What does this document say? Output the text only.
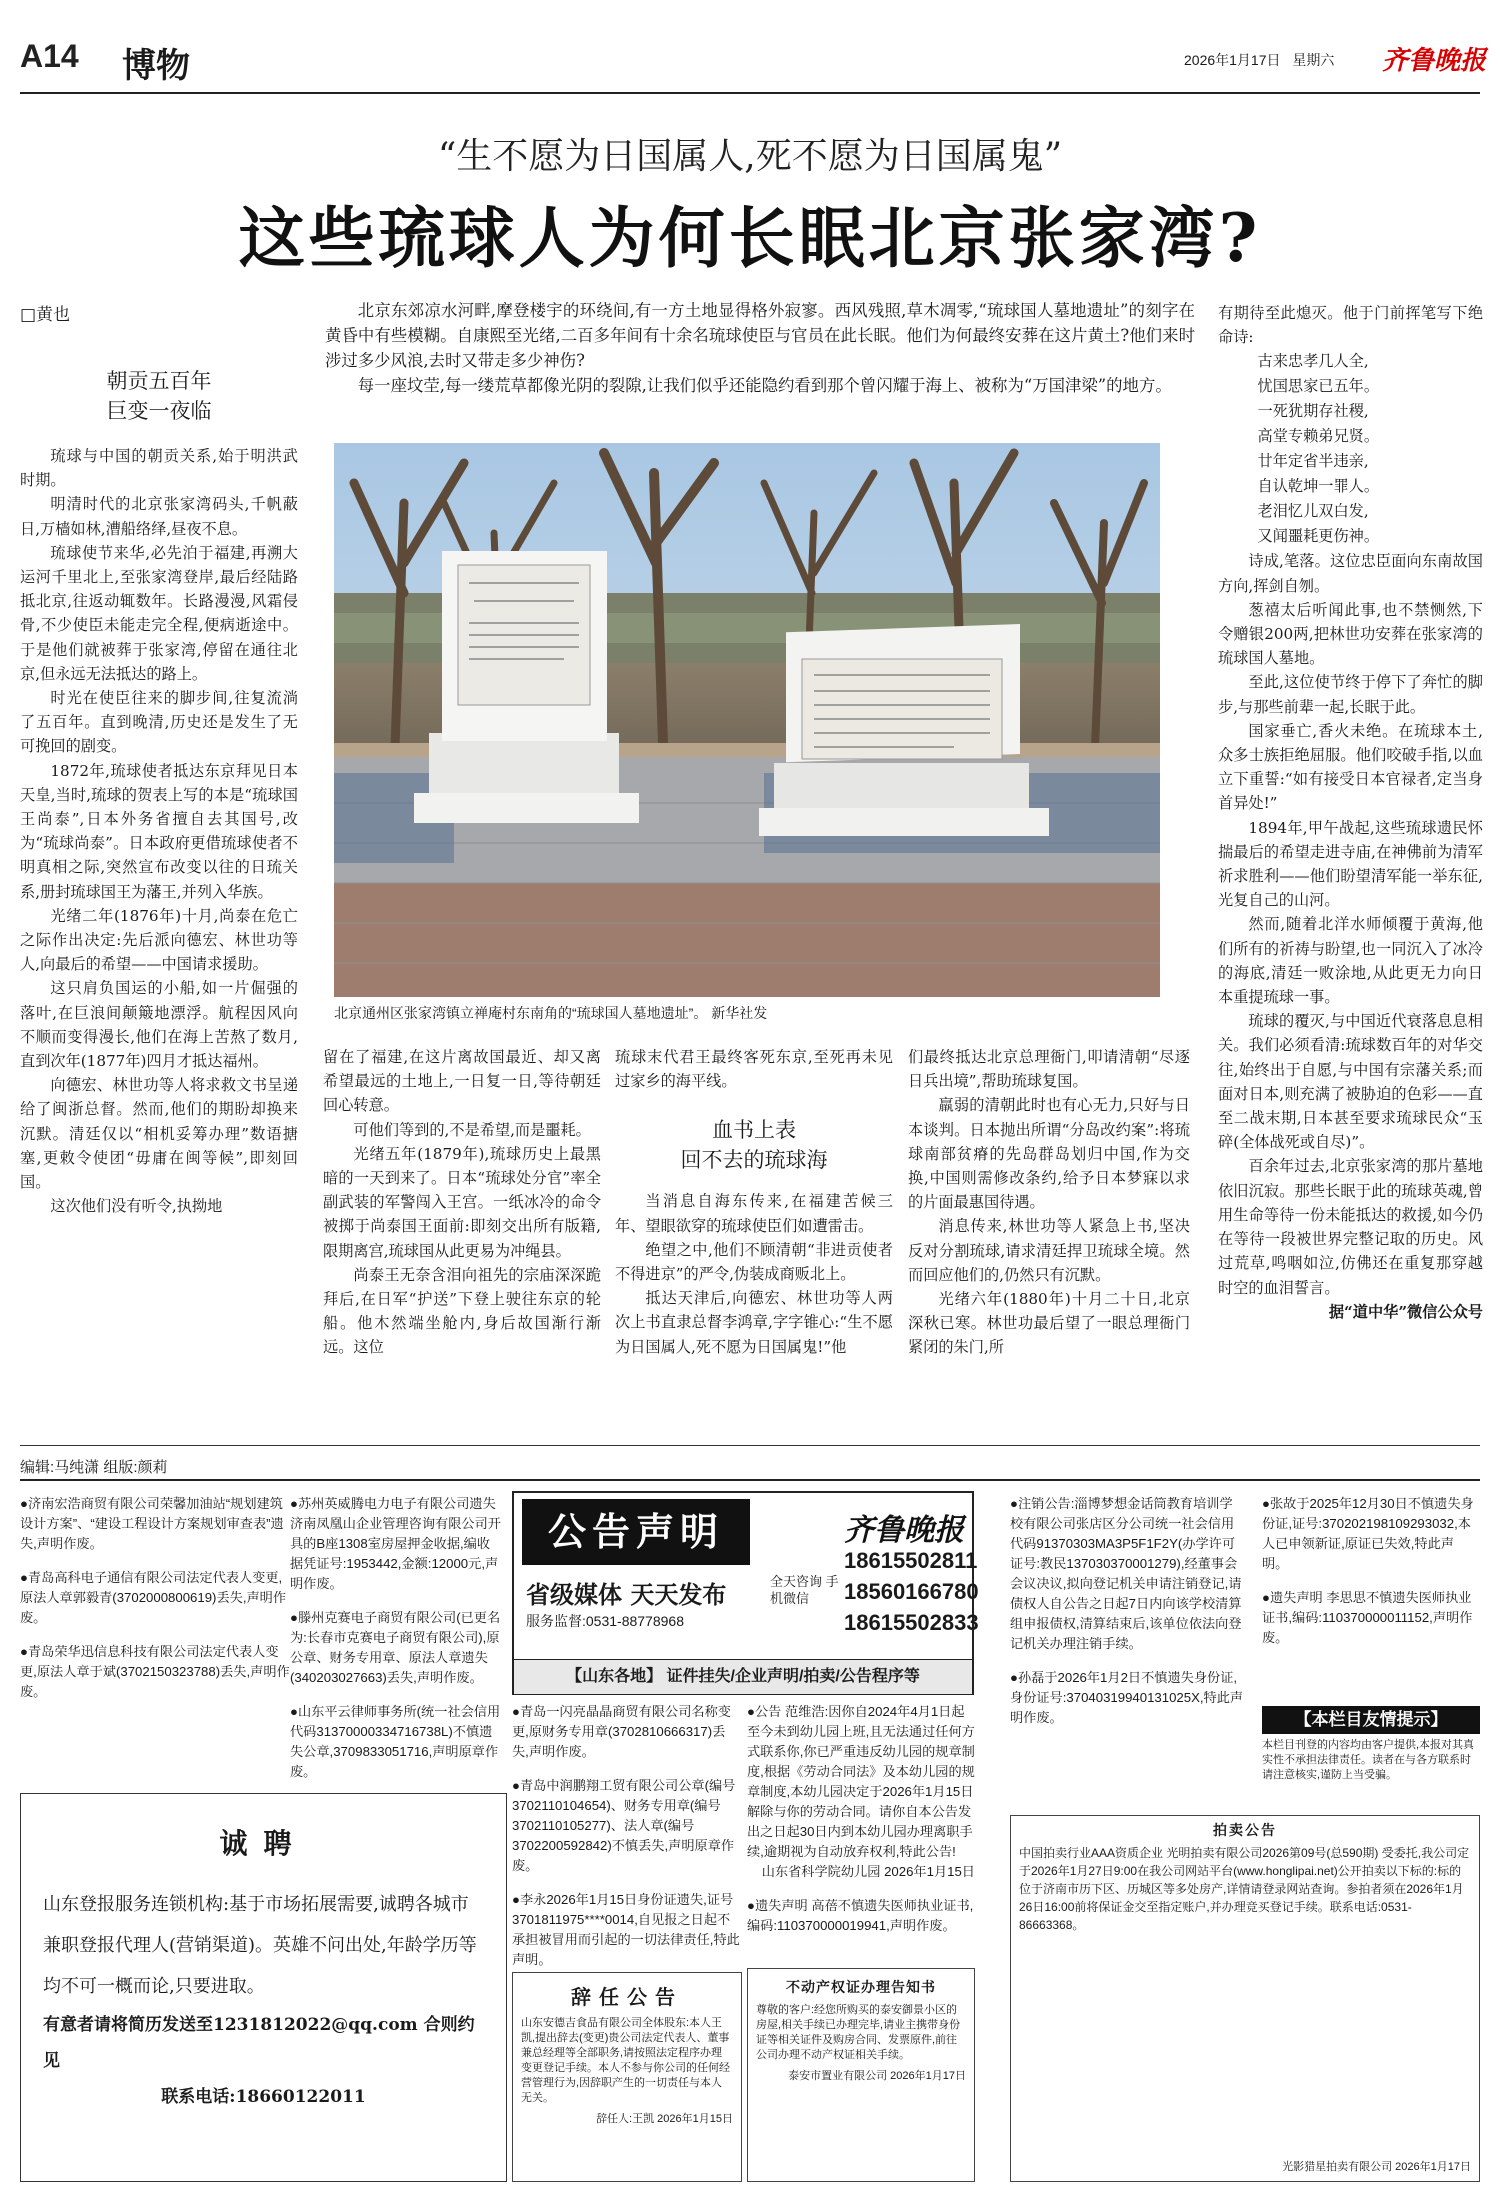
A14 博物	2026年1月17日 星期六	齐鲁晚报
“生不愿为日国属人,死不愿为日国属鬼”
这些琉球人为何长眠北京张家湾?
□黄也	北京东郊凉水河畔,摩登楼宇的环绕间,有一方土地显得格外寂寥。西风残照,草木凋零,“琉球国人墓地遗址”的刻字在黄昏中有些模糊。自康熙至光绪,二百多年间有十余名琉球使臣与官员在此长眠。他们为何最终安葬在这片黄土?他们来时涉过多少风浪,去时又带走多少神伤?

每一座坟茔,每一缕荒草都像光阴的裂隙,让我们似乎还能隐约看到那个曾闪耀于海上、被称为“万国津梁”的地方。

北京通州区张家湾镇立禅庵村东南角的“琉球国人墓地遗址”。 新华社发
朝贡五百年
巨变一夜临

琉球与中国的朝贡关系,始于明洪武时期。

明清时代的北京张家湾码头,千帆蔽日,万樯如林,漕船络绎,昼夜不息。

琉球使节来华,必先泊于福建,再溯大运河千里北上,至张家湾登岸,最后经陆路抵北京,往返动辄数年。长路漫漫,风霜侵骨,不少使臣未能走完全程,便病逝途中。于是他们就被葬于张家湾,停留在通往北京,但永远无法抵达的路上。

时光在使臣往来的脚步间,往复流淌了五百年。直到晚清,历史还是发生了无可挽回的剧变。

1872年,琉球使者抵达东京拜见日本天皇,当时,琉球的贺表上写的本是“琉球国王尚泰”,日本外务省擅自去其国号,改为“琉球尚泰”。日本政府更借琉球使者不明真相之际,突然宣布改变以往的日琉关系,册封琉球国王为藩王,并列入华族。

光绪二年(1876年)十月,尚泰在危亡之际作出决定:先后派向德宏、林世功等人,向最后的希望——中国请求援助。

这只肩负国运的小船,如一片倔强的落叶,在巨浪间颠簸地漂浮。航程因风向不顺而变得漫长,他们在海上苦熬了数月,直到次年(1877年)四月才抵达福州。

向德宏、林世功等人将求救文书呈递给了闽浙总督。然而,他们的期盼却换来沉默。清廷仅以“相机妥筹办理”数语搪塞,更敕令使团“毋庸在闽等候”,即刻回国。

这次他们没有听令,执拗地

留在了福建,在这片离故国最近、却又离希望最远的土地上,一日复一日,等待朝廷回心转意。

可他们等到的,不是希望,而是噩耗。

光绪五年(1879年),琉球历史上最黑暗的一天到来了。日本“琉球处分官”率全副武装的军警闯入王宫。一纸冰冷的命令被掷于尚泰国王面前:即刻交出所有版籍,限期离宫,琉球国从此更易为冲绳县。

尚泰王无奈含泪向祖先的宗庙深深跪拜后,在日军“护送”下登上驶往东京的轮船。他木然端坐舱内,身后故国渐行渐远。这位

琉球末代君王最终客死东京,至死再未见过家乡的海平线。

血书上表
回不去的琉球海

当消息自海东传来,在福建苦候三年、望眼欲穿的琉球使臣们如遭雷击。

绝望之中,他们不顾清朝“非进贡使者不得进京”的严令,伪装成商贩北上。

抵达天津后,向德宏、林世功等人两次上书直隶总督李鸿章,字字锥心:“生不愿为日国属人,死不愿为日国属鬼!”他

们最终抵达北京总理衙门,叩请清朝“尽逐日兵出境”,帮助琉球复国。

羸弱的清朝此时也有心无力,只好与日本谈判。日本抛出所谓“分岛改约案”:将琉球南部贫瘠的先岛群岛划归中国,作为交换,中国则需修改条约,给予日本梦寐以求的片面最惠国待遇。

消息传来,林世功等人紧急上书,坚决反对分割琉球,请求清廷捍卫琉球全境。然而回应他们的,仍然只有沉默。

光绪六年(1880年)十月二十日,北京深秋已寒。林世功最后望了一眼总理衙门紧闭的朱门,所

有期待至此熄灭。他于门前挥笔写下绝命诗:

古来忠孝几人全,
忧国思家已五年。
一死犹期存社稷,
高堂专赖弟兄贤。
廿年定省半违亲,
自认乾坤一罪人。
老泪忆儿双白发,
又闻噩耗更伤神。

诗成,笔落。这位忠臣面向东南故国方向,挥剑自刎。

葱禧太后听闻此事,也不禁恻然,下令赠银200两,把林世功安葬在张家湾的琉球国人墓地。

至此,这位使节终于停下了奔忙的脚步,与那些前辈一起,长眠于此。

国家垂亡,香火未绝。在琉球本土,众多士族拒绝屈服。他们咬破手指,以血立下重誓:“如有接受日本官禄者,定当身首异处!”

1894年,甲午战起,这些琉球遗民怀揣最后的希望走进寺庙,在神佛前为清军祈求胜利——他们盼望清军能一举东征,光复自己的山河。

然而,随着北洋水师倾覆于黄海,他们所有的祈祷与盼望,也一同沉入了冰冷的海底,清廷一败涂地,从此更无力向日本重提琉球一事。

琉球的覆灭,与中国近代衰落息息相关。我们必须看清:琉球数百年的对华交往,始终出于自愿,与中国有宗藩关系;而面对日本,则充满了被胁迫的色彩——直至二战末期,日本甚至要求琉球民众“玉碎(全体战死或自尽)”。

百余年过去,北京张家湾的那片墓地依旧沉寂。那些长眠于此的琉球英魂,曾用生命等待一份未能抵达的救援,如今仍在等待一段被世界完整记取的历史。风过荒草,鸣咽如泣,仿佛还在重复那穿越时空的血泪誓言。

据“道中华”微信公众号
编辑:马纯潇 组版:颜莉
●济南宏浩商贸有限公司荣馨加油站“规划建筑设计方案”、“建设工程设计方案规划审查表”遗失,声明作废。
●青岛高科电子通信有限公司法定代表人变更,原法人章郭毅青(3702000800619)丢失,声明作废。
●青岛荣华迅信息科技有限公司法定代表人变更,原法人章于斌(3702150323788)丢失,声明作废。
●苏州英威腾电力电子有限公司遗失济南凤凰山企业管理咨询有限公司开具的B座1308室房屋押金收据,编收据凭证号:1953442,金额:12000元,声明作废。
●滕州克赛电子商贸有限公司(已更名为:长春市克赛电子商贸有限公司),原公章、财务专用章、原法人章遗失(340203027663)丢失,声明作废。
●山东平云律师事务所(统一社会信用代码31370000334716738L)不慎遗失公章,3709833051716,声明原章作废。
诚聘
山东登报服务连锁机构:基于市场拓展需要,诚聘各城市兼职登报代理人(营销渠道)。英雄不问出处,年龄学历等均不可一概而论,只要进取。
有意者请将简历发送至1231812022@qq.com 合则约见
联系电话:18660122011
公告声明	齐鲁晚报
省级媒体 天天发布
服务监督:0531-88778968
全天咨询 手机微信
18615502811
18560166780
18615502833
【山东各地】 证件挂失/企业声明/拍卖/公告程序等
●青岛一闪亮晶晶商贸有限公司名称变更,原财务专用章(3702810666317)丢失,声明作废。
●青岛中润鹏翔工贸有限公司公章(编号3702110104654)、财务专用章(编号3702110105277)、法人章(编号3702200592842)不慎丢失,声明原章作废。
●李永2026年1月15日身份证遗失,证号3701811975****0014,自见报之日起不承担被冒用而引起的一切法律责任,特此声明。
辞任公告
山东安德吉食品有限公司全体股东:本人王凯,提出辞去(变更)贵公司法定代表人、董事兼总经理等全部职务,请按照法定程序办理变更登记手续。本人不参与你公司的任何经营管理行为,因辞职产生的一切责任与本人无关。
辞任人:王凯 2026年1月15日
●公告 范维浩:因你自2024年4月1日起至今未到幼儿园上班,且无法通过任何方式联系你,你已严重违反幼儿园的规章制度,根据《劳动合同法》及本幼儿园的规章制度,本幼儿园决定于2026年1月15日解除与你的劳动合同。请你自本公告发出之日起30日内到本幼儿园办理离职手续,逾期视为自动放弃权利,特此公告!
山东省科学院幼儿园 2026年1月15日
●遗失声明 高蓓不慎遗失医师执业证书,编码:110370000019941,声明作废。
不动产权证办理告知书
尊敬的客户:经您所购买的泰安御景小区的房屋,相关手续已办理完毕,请业主携带身份证等相关证件及购房合同、发票原件,前往公司办理不动产权证相关手续。
泰安市置业有限公司 2026年1月17日
●注销公告:淄博梦想金话筒教育培训学校有限公司张店区分公司统一社会信用代码91370303MA3P5F1F2Y(办学许可证号:教民137030370001279),经董事会会议决议,拟向登记机关申请注销登记,请债权人自公告之日起7日内向该学校清算组申报债权,清算结束后,该单位依法向登记机关办理注销手续。
●孙磊于2026年1月2日不慎遗失身份证,身份证号:37040319940131025X,特此声明作废。
●张故于2025年12月30日不慎遗失身份证,证号:370202198109293032,本人已申领新证,原证已失效,特此声明。
●遗失声明 李思思不慎遗失医师执业证书,编码:110370000011152,声明作废。
【本栏目友情提示】
本栏目刊登的内容均由客户提供,本报对其真实性不承担法律责任。读者在与各方联系时请注意核实,谨防上当受骗。
拍卖公告
中国拍卖行业AAA资质企业 光明拍卖有限公司2026第09号(总590期) 受委托,我公司定于2026年1月27日9:00在我公司网站平台(www.honglipai.net)公开拍卖以下标的:标的位于济南市历下区、历城区等多处房产,详情请登录网站查询。参拍者须在2026年1月26日16:00前将保证金交至指定账户,并办理竞买登记手续。联系电话:0531-86663368。
光影猎星拍卖有限公司 2026年1月17日
